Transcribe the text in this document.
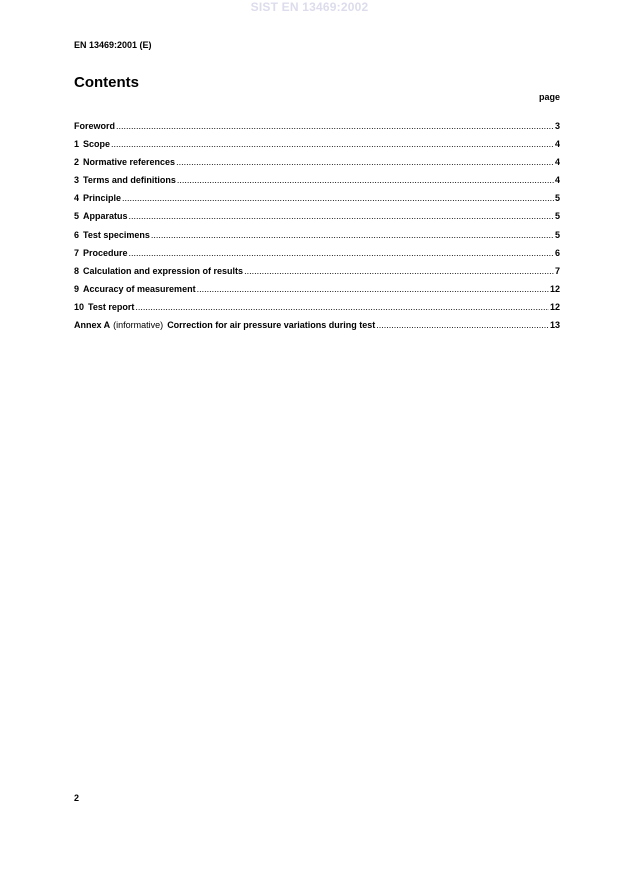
SIST EN 13469:2002
EN 13469:2001 (E)
Contents
page
Foreword .....	3
1 Scope .....	4
2 Normative references .....	4
3 Terms and definitions .....	4
4 Principle .....	5
5 Apparatus .....	5
6 Test specimens .....	5
7 Procedure .....	6
8 Calculation and expression of results .....	7
9 Accuracy of measurement .....	12
10 Test report .....	12
Annex A (informative) Correction for air pressure variations during test .....	13
2
